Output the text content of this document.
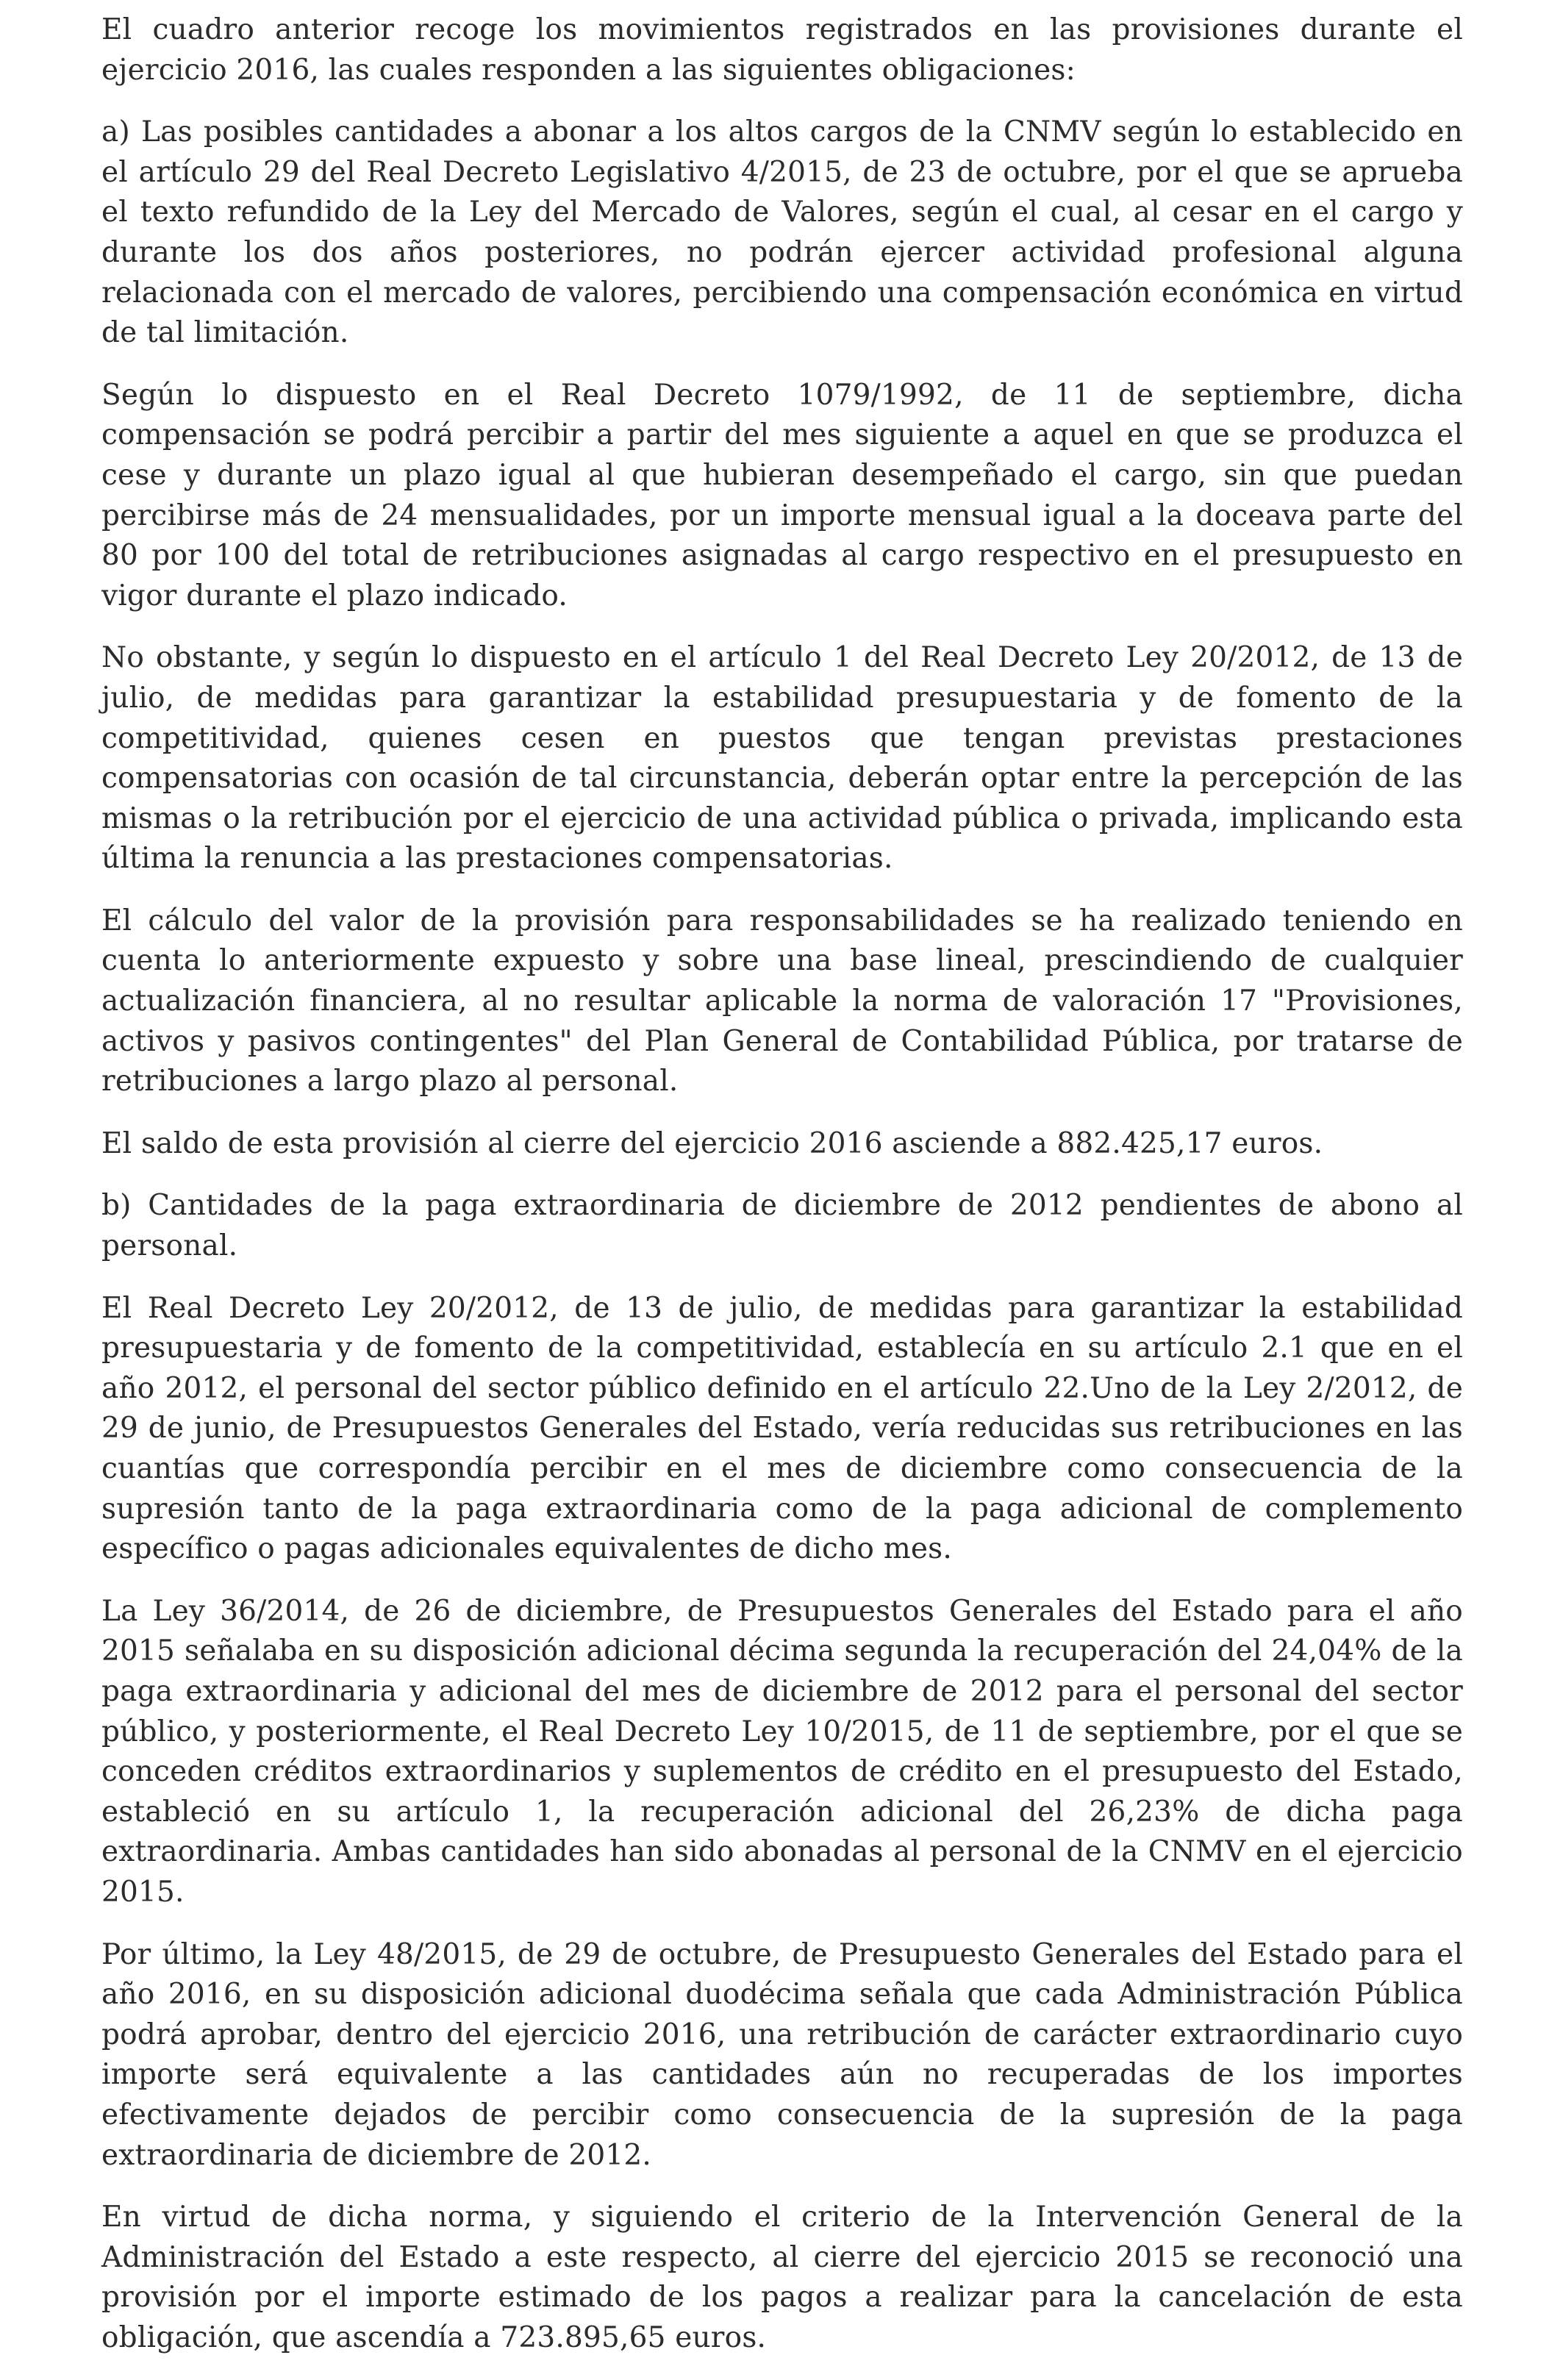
El cuadro anterior recoge los movimientos registrados en las provisiones durante el ejercicio 2016, las cuales responden a las siguientes obligaciones:

a) Las posibles cantidades a abonar a los altos cargos de la CNMV según lo establecido en el artículo 29 del Real Decreto Legislativo 4/2015, de 23 de octubre, por el que se aprueba el texto refundido de la Ley del Mercado de Valores, según el cual, al cesar en el cargo y durante los dos años posteriores, no podrán ejercer actividad profesional alguna relacionada con el mercado de valores, percibiendo una compensación económica en virtud de tal limitación.

Según lo dispuesto en el Real Decreto 1079/1992, de 11 de septiembre, dicha compensación se podrá percibir a partir del mes siguiente a aquel en que se produzca el cese y durante un plazo igual al que hubieran desempeñado el cargo, sin que puedan percibirse más de 24 mensualidades, por un importe mensual igual a la doceava parte del 80 por 100 del total de retribuciones asignadas al cargo respectivo en el presupuesto en vigor durante el plazo indicado.

No obstante, y según lo dispuesto en el artículo 1 del Real Decreto Ley 20/2012, de 13 de julio, de medidas para garantizar la estabilidad presupuestaria y de fomento de la competitividad, quienes cesen en puestos que tengan previstas prestaciones compensatorias con ocasión de tal circunstancia, deberán optar entre la percepción de las mismas o la retribución por el ejercicio de una actividad pública o privada, implicando esta última la renuncia a las prestaciones compensatorias.

El cálculo del valor de la provisión para responsabilidades se ha realizado teniendo en cuenta lo anteriormente expuesto y sobre una base lineal, prescindiendo de cualquier actualización financiera, al no resultar aplicable la norma de valoración 17 "Provisiones, activos y pasivos contingentes" del Plan General de Contabilidad Pública, por tratarse de retribuciones a largo plazo al personal.

El saldo de esta provisión al cierre del ejercicio 2016 asciende a 882.425,17 euros.

b) Cantidades de la paga extraordinaria de diciembre de 2012 pendientes de abono al personal.

El Real Decreto Ley 20/2012, de 13 de julio, de medidas para garantizar la estabilidad presupuestaria y de fomento de la competitividad, establecía en su artículo 2.1 que en el año 2012, el personal del sector público definido en el artículo 22.Uno de la Ley 2/2012, de 29 de junio, de Presupuestos Generales del Estado, vería reducidas sus retribuciones en las cuantías que correspondía percibir en el mes de diciembre como consecuencia de la supresión tanto de la paga extraordinaria como de la paga adicional de complemento específico o pagas adicionales equivalentes de dicho mes.

La Ley 36/2014, de 26 de diciembre, de Presupuestos Generales del Estado para el año 2015 señalaba en su disposición adicional décima segunda la recuperación del 24,04% de la paga extraordinaria y adicional del mes de diciembre de 2012 para el personal del sector público, y posteriormente, el Real Decreto Ley 10/2015, de 11 de septiembre, por el que se conceden créditos extraordinarios y suplementos de crédito en el presupuesto del Estado, estableció en su artículo 1, la recuperación adicional del 26,23% de dicha paga extraordinaria. Ambas cantidades han sido abonadas al personal de la CNMV en el ejercicio 2015.

Por último, la Ley 48/2015, de 29 de octubre, de Presupuesto Generales del Estado para el año 2016, en su disposición adicional duodécima señala que cada Administración Pública podrá aprobar, dentro del ejercicio 2016, una retribución de carácter extraordinario cuyo importe será equivalente a las cantidades aún no recuperadas de los importes efectivamente dejados de percibir como consecuencia de la supresión de la paga extraordinaria de diciembre de 2012.

En virtud de dicha norma, y siguiendo el criterio de la Intervención General de la Administración del Estado a este respecto, al cierre del ejercicio 2015 se reconoció una provisión por el importe estimado de los pagos a realizar para la cancelación de esta obligación, que ascendía a 723.895,65 euros.
